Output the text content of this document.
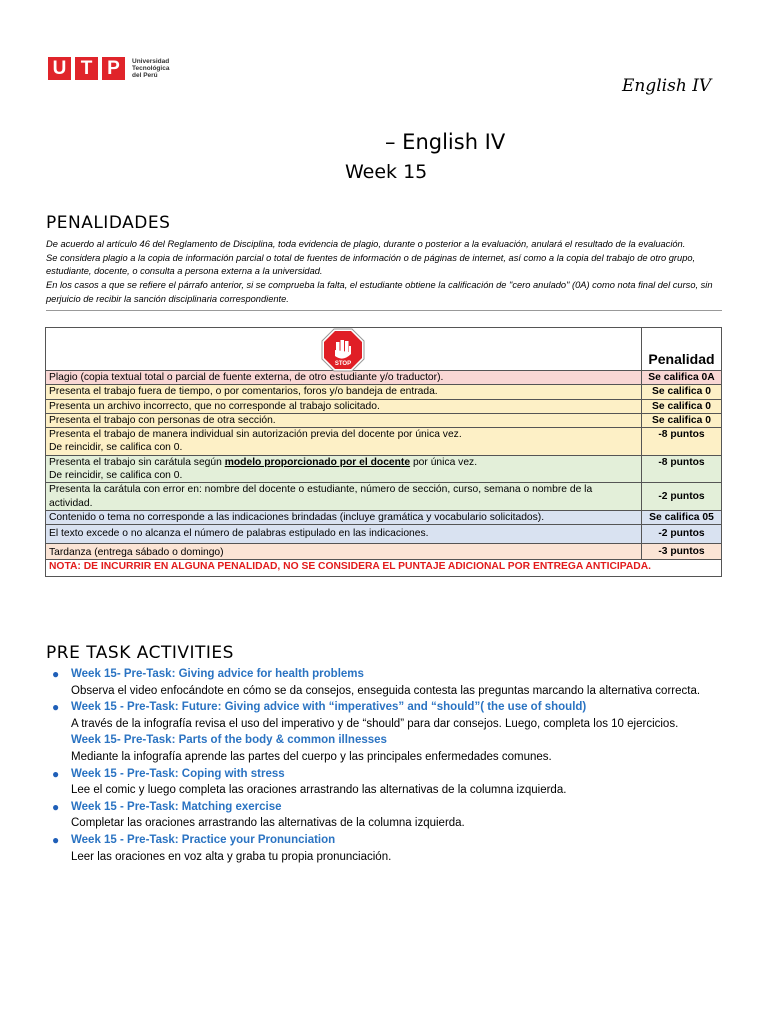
U T P	Universidad
Tecnológica
del Perú
English IV
– English IV
Week 15
PENALIDADES

De acuerdo al artículo 46 del Reglamento de Disciplina, toda evidencia de plagio, durante o posterior a la evaluación, anulará el resultado de la evaluación.

Se considera plagio a la copia de información parcial o total de fuentes de información o de páginas de internet, así como a la copia del trabajo de otro grupo, estudiante, docente, o consulta a persona externa a la universidad.

En los casos a que se refiere el párrafo anterior, si se comprueba la falta, el estudiante obtiene la calificación de "cero anulado" (0A) como nota final del curso, sin perjuicio de recibir la sanción disciplinaria correspondiente.

STOP	Penalidad
Plagio (copia textual total o parcial de fuente externa, de otro estudiante y/o traductor).	Se califica 0A
Presenta el trabajo fuera de tiempo, o por comentarios, foros y/o bandeja de entrada.	Se califica 0
Presenta un archivo incorrecto, que no corresponde al trabajo solicitado.	Se califica 0
Presenta el trabajo con personas de otra sección.	Se califica 0
Presenta el trabajo de manera individual sin autorización previa del docente por única vez.
De reincidir, se califica con 0.	-8 puntos
Presenta el trabajo sin carátula según modelo proporcionado por el docente por única vez.
De reincidir, se califica con 0.	-8 puntos
Presenta la carátula con error en: nombre del docente o estudiante, número de sección, curso, semana o nombre de la actividad.	-2 puntos
Contenido o tema no corresponde a las indicaciones brindadas (incluye gramática y vocabulario solicitados).	Se califica 05
El texto excede o no alcanza el número de palabras estipulado en las indicaciones.	-2 puntos
Tardanza (entrega sábado o domingo)	-3 puntos
NOTA: DE INCURRIR EN ALGUNA PENALIDAD, NO SE CONSIDERA EL PUNTAJE ADICIONAL POR ENTREGA ANTICIPADA.	
PRE TASK ACTIVITIES
● Week 15- Pre-Task: Giving advice for health problems
Observa el video enfocándote en cómo se da consejos, enseguida contesta las preguntas marcando la alternativa correcta.
● Week 15 - Pre-Task: Future: Giving advice with “imperatives” and “should”( the use of should)
A través de la infografía revisa el uso del imperativo y de “should” para dar consejos. Luego, completa los 10 ejercicios.
Week 15- Pre-Task: Parts of the body & common illnesses
Mediante la infografía aprende las partes del cuerpo y las principales enfermedades comunes.
● Week 15 - Pre-Task: Coping with stress
Lee el comic y luego completa las oraciones arrastrando las alternativas de la columna izquierda.
● Week 15 - Pre-Task: Matching exercise
Completar las oraciones arrastrando las alternativas de la columna izquierda.
● Week 15 - Pre-Task: Practice your Pronunciation
Leer las oraciones en voz alta y graba tu propia pronunciación.
